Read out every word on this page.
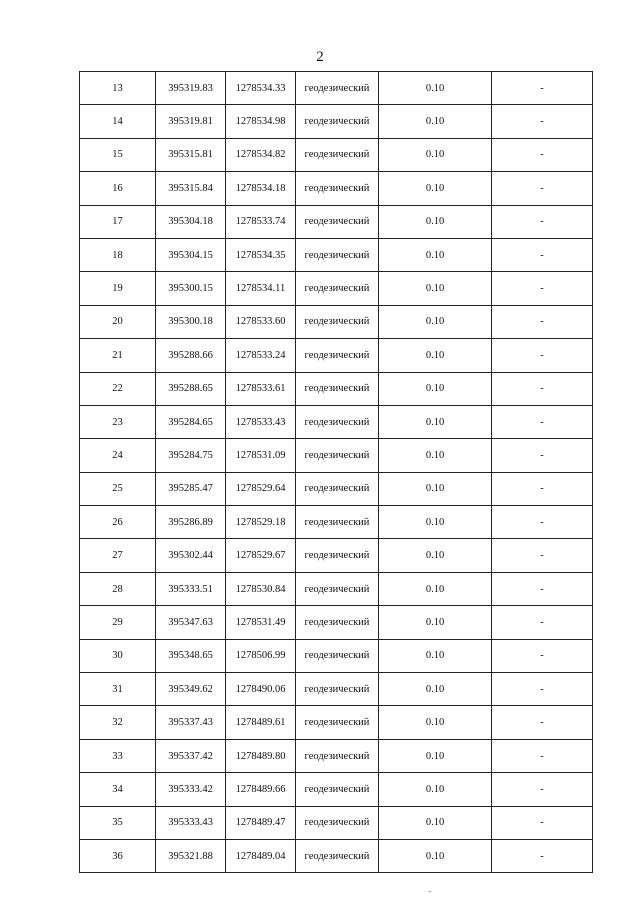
2
13	395319.83	1278534.33	геодезический	0.10	-
14	395319.81	1278534.98	геодезический	0.10	-
15	395315.81	1278534.82	геодезический	0.10	-
16	395315.84	1278534.18	геодезический	0.10	-
17	395304.18	1278533.74	геодезический	0.10	-
18	395304.15	1278534.35	геодезический	0.10	-
19	395300.15	1278534.11	геодезический	0.10	-
20	395300.18	1278533.60	геодезический	0.10	-
21	395288.66	1278533.24	геодезический	0.10	-
22	395288.65	1278533.61	геодезический	0.10	-
23	395284.65	1278533.43	геодезический	0.10	-
24	395284.75	1278531.09	геодезический	0.10	-
25	395285.47	1278529.64	геодезический	0.10	-
26	395286.89	1278529.18	геодезический	0.10	-
27	395302.44	1278529.67	геодезический	0.10	-
28	395333.51	1278530.84	геодезический	0.10	-
29	395347.63	1278531.49	геодезический	0.10	-
30	395348.65	1278506.99	геодезический	0.10	-
31	395349.62	1278490.06	геодезический	0.10	-
32	395337.43	1278489.61	геодезический	0.10	-
33	395337.42	1278489.80	геодезический	0.10	-
34	395333.42	1278489.66	геодезический	0.10	-
35	395333.43	1278489.47	геодезический	0.10	-
36	395321.88	1278489.04	геодезический	0.10	-
